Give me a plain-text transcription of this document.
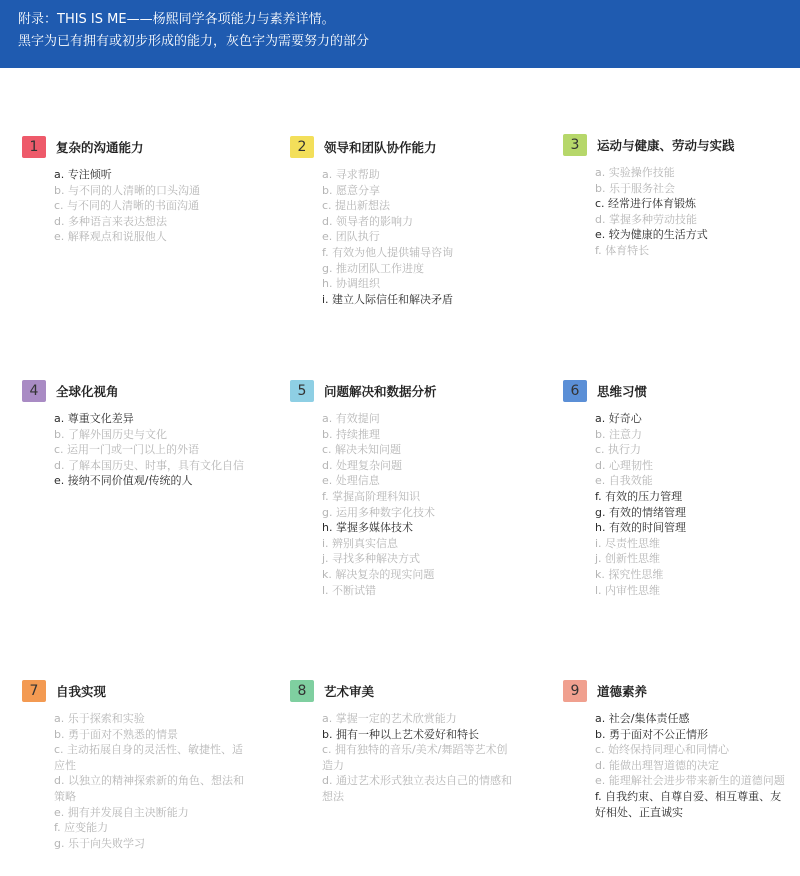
附录：THIS IS ME——杨熙同学各项能力与素养详情。
黑字为已有拥有或初步形成的能力，灰色字为需要努力的部分
1	复杂的沟通能力
a. 专注倾听
b. 与不同的人清晰的口头沟通
c. 与不同的人清晰的书面沟通
d. 多种语言来表达想法
e. 解释观点和说服他人
2	领导和团队协作能力
a. 寻求帮助
b. 愿意分享
c. 提出新想法
d. 领导者的影响力
e. 团队执行
f. 有效为他人提供辅导咨询
g. 推动团队工作进度
h. 协调组织
i. 建立人际信任和解决矛盾
3	运动与健康、劳动与实践
a. 实验操作技能
b. 乐于服务社会
c. 经常进行体育锻炼
d. 掌握多种劳动技能
e. 较为健康的生活方式
f. 体育特长
4	全球化视角
a. 尊重文化差异
b. 了解外国历史与文化
c. 运用一门或一门以上的外语
d. 了解本国历史、时事，具有文化自信
e. 接纳不同价值观/传统的人
5	问题解决和数据分析
a. 有效提问
b. 持续推理
c. 解决未知问题
d. 处理复杂问题
e. 处理信息
f. 掌握高阶理科知识
g. 运用多种数字化技术
h. 掌握多媒体技术
i. 辨别真实信息
j. 寻找多种解决方式
k. 解决复杂的现实问题
l. 不断试错
6	思维习惯
a. 好奇心
b. 注意力
c. 执行力
d. 心理韧性
e. 自我效能
f. 有效的压力管理
g. 有效的情绪管理
h. 有效的时间管理
i. 尽责性思维
j. 创新性思维
k. 探究性思维
l. 内审性思维
7	自我实现
a. 乐于探索和实验
b. 勇于面对不熟悉的情景
c. 主动拓展自身的灵活性、敏捷性、适应性
d. 以独立的精神探索新的角色、想法和策略
e. 拥有并发展自主决断能力
f. 应变能力
g. 乐于向失败学习
8	艺术审美
a. 掌握一定的艺术欣赏能力
b. 拥有一种以上艺术爱好和特长
c. 拥有独特的音乐/美术/舞蹈等艺术创造力
d. 通过艺术形式独立表达自己的情感和想法
9	道德素养
a. 社会/集体责任感
b. 勇于面对不公正情形
c. 始终保持同理心和同情心
d. 能做出理智道德的决定
e. 能理解社会进步带来新生的道德问题
f. 自我约束、自尊自爱、相互尊重、友好相处、正直诚实
